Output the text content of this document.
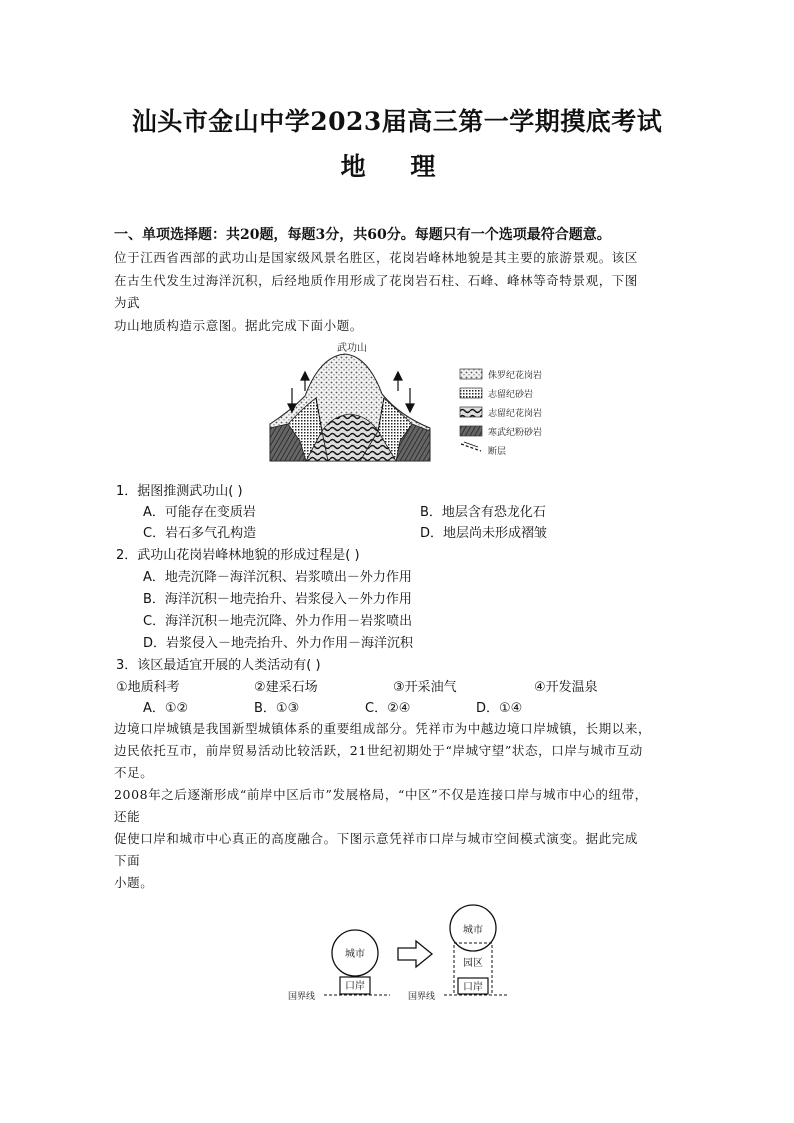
汕头市金山中学2023届高三第一学期摸底考试
地 理
一、单项选择题：共20题，每题3分，共60分。每题只有一个选项最符合题意。
位于江西省西部的武功山是国家级风景名胜区，花岗岩峰林地貌是其主要的旅游景观。该区
在古生代发生过海洋沉积，后经地质作用形成了花岗岩石柱、石峰、峰林等奇特景观，下图
为武
功山地质构造示意图。据此完成下面小题。
武功山
侏罗纪花岗岩
志留纪砂岩
志留纪花岗岩
寒武纪粉砂岩
断层
1．据图推测武功山( )
A．可能存在变质岩	B．地层含有恐龙化石
C．岩石多气孔构造	D．地层尚未形成褶皱
2．武功山花岗岩峰林地貌的形成过程是( )
A．地壳沉降－海洋沉积、岩浆喷出－外力作用
B．海洋沉积－地壳抬升、岩浆侵入－外力作用
C．海洋沉积－地壳沉降、外力作用－岩浆喷出
D．岩浆侵入－地壳抬升、外力作用－海洋沉积
3．该区最适宜开展的人类活动有( )
①地质科考	②建采石场	③开采油气	④开发温泉
A．①②	B．①③	C．②④	D．①④
边境口岸城镇是我国新型城镇体系的重要组成部分。凭祥市为中越边境口岸城镇，长期以来，
边民依托互市，前岸贸易活动比较活跃，21世纪初期处于“岸城守望”状态，口岸与城市互动
不足。
2008年之后逐渐形成“前岸中区后市”发展格局，“中区”不仅是连接口岸与城市中心的纽带，
还能
促使口岸和城市中心真正的高度融合。下图示意凭祥市口岸与城市空间模式演变。据此完成
下面
小题。
城市
口岸
国界线
城市
园区
口岸
国界线
